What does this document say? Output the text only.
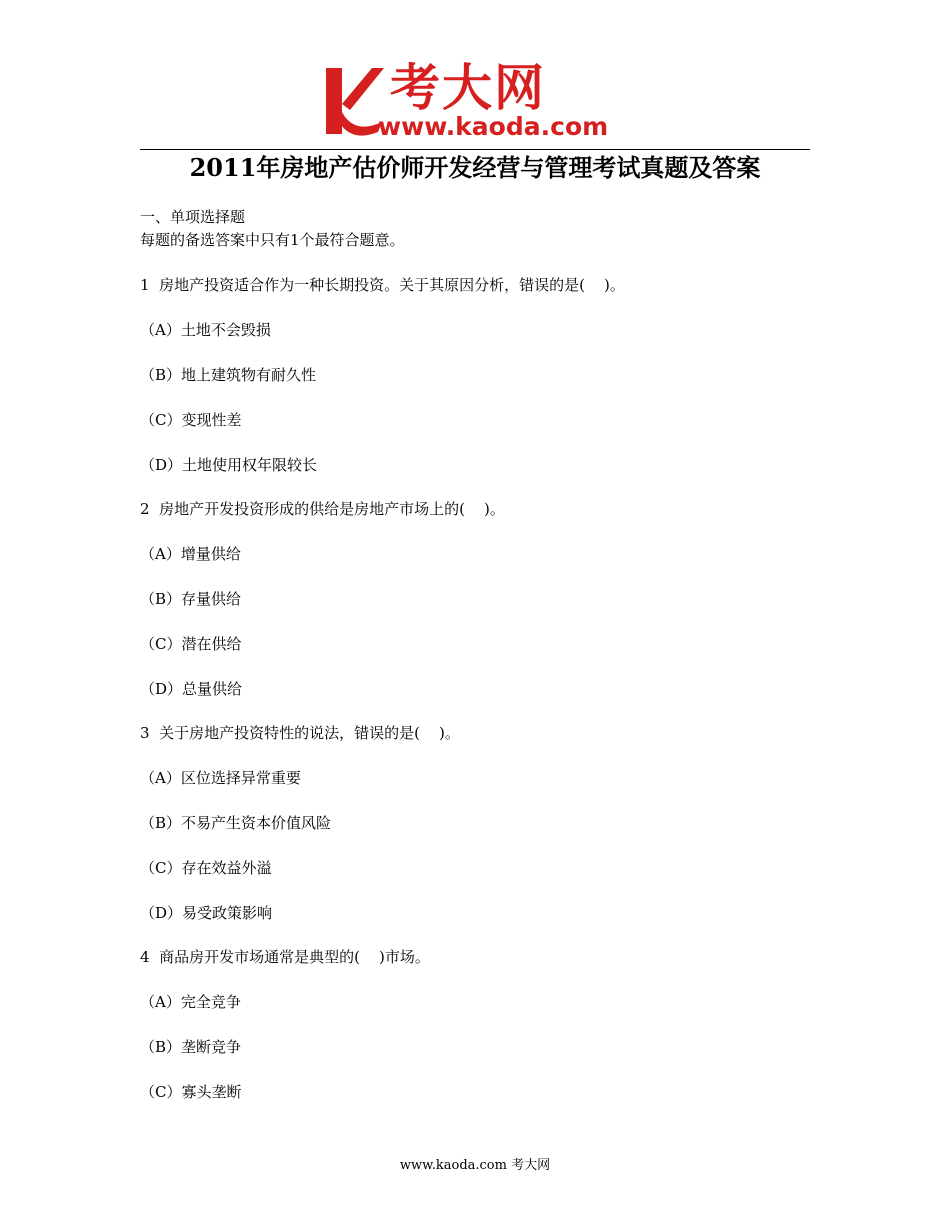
考大网
www.kaoda.com
2011年房地产估价师开发经营与管理考试真题及答案
一、单项选择题
每题的备选答案中只有1个最符合题意。
1  房地产投资适合作为一种长期投资。关于其原因分析，错误的是(    )。
（A）土地不会毁损
（B）地上建筑物有耐久性
（C）变现性差
（D）土地使用权年限较长
2  房地产开发投资形成的供给是房地产市场上的(    )。
（A）增量供给
（B）存量供给
（C）潜在供给
（D）总量供给
3  关于房地产投资特性的说法，错误的是(    )。
（A）区位选择异常重要
（B）不易产生资本价值风险
（C）存在效益外溢
（D）易受政策影响
4  商品房开发市场通常是典型的(    )市场。
（A）完全竞争
（B）垄断竞争
（C）寡头垄断
www.kaoda.com 考大网
